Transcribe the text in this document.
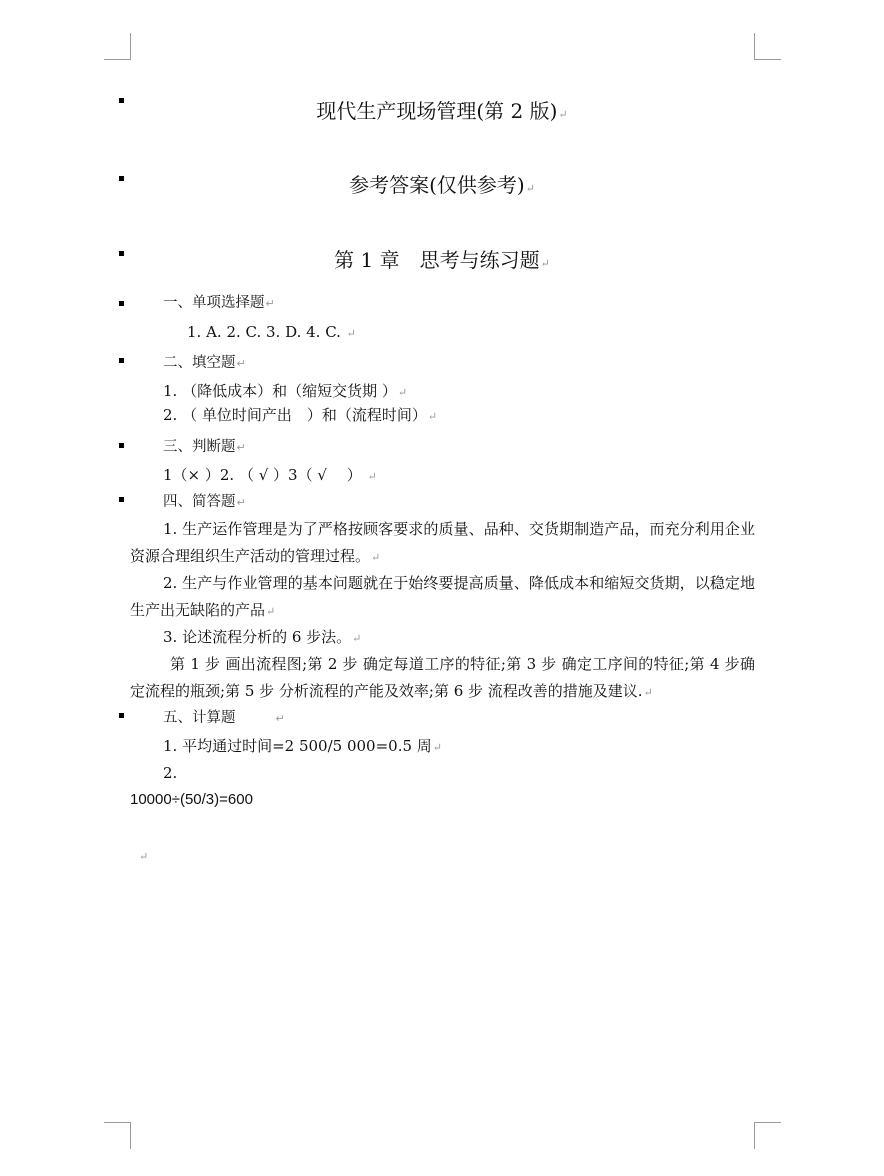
现代生产现场管理(第 2 版)↵
参考答案(仅供参考)↵
第 1 章　思考与练习题↵
一、单项选择题↵
1. A. 2. C. 3. D. 4. C. ↵
二、填空题↵
1. （降低成本）和（缩短交货期 ）↵
2. （ 单位时间产出　）和（流程时间）↵
三、判断题↵
1（× ）2. （ √ ）3（ √　 ） ↵
四、简答题↵
1. 生产运作管理是为了严格按顾客要求的质量、品种、交货期制造产品，而充分利用企业资源合理组织生产活动的管理过程。↵
2. 生产与作业管理的基本问题就在于始终要提高质量、降低成本和缩短交货期，以稳定地生产出无缺陷的产品↵
3. 论述流程分析的 6 步法。↵
第 1 步 画出流程图;第 2 步 确定每道工序的特征;第 3 步 确定工序间的特征;第 4 步确定流程的瓶颈;第 5 步 分析流程的产能及效率;第 6 步 流程改善的措施及建议.↵
五、计算题	↵
1. 平均通过时间=2 500/5 000=0.5 周↵
2.
10000÷(50/3)=600
↵
